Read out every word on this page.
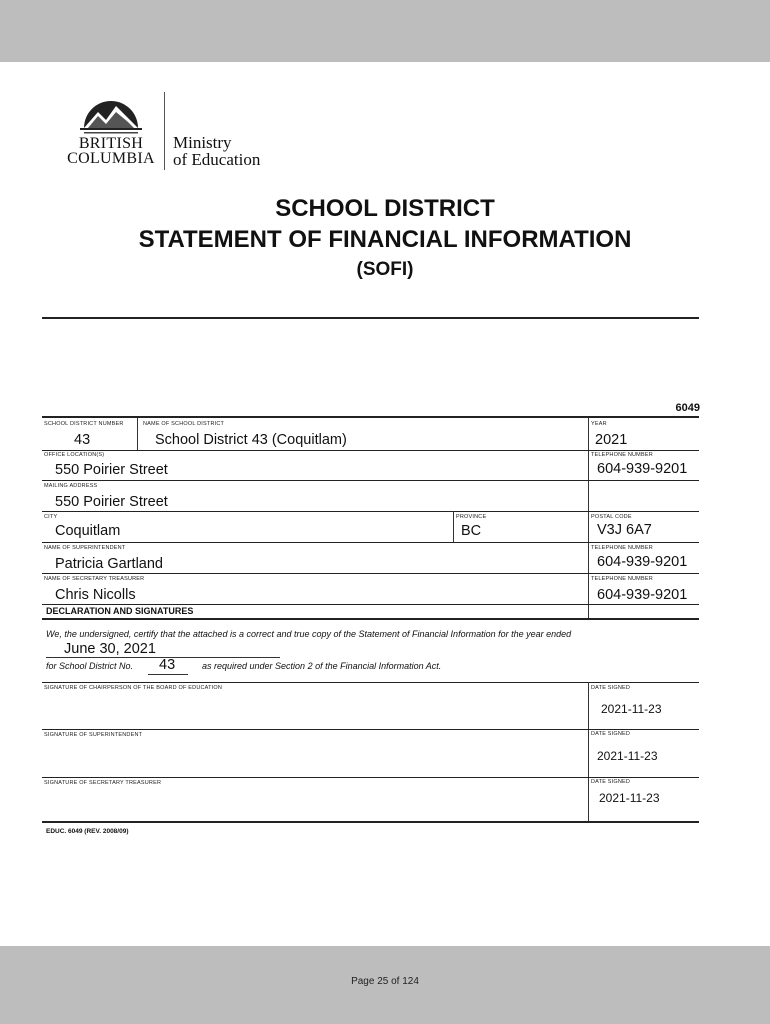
BRITISH
COLUMBIA
Ministry
of Education
SCHOOL DISTRICT
STATEMENT OF FINANCIAL INFORMATION
(SOFI)
6049
SCHOOL DISTRICT NUMBER	NAME OF SCHOOL DISTRICT	YEAR
43	School District 43 (Coquitlam)	2021
OFFICE LOCATION(S)	TELEPHONE NUMBER
550 Poirier Street	604-939-9201
MAILING ADDRESS
550 Poirier Street
CITY	PROVINCE	POSTAL CODE
Coquitlam	BC	V3J 6A7
NAME OF SUPERINTENDENT	TELEPHONE NUMBER
Patricia Gartland	604-939-9201
NAME OF SECRETARY TREASURER	TELEPHONE NUMBER
Chris Nicolls	604-939-9201
DECLARATION AND SIGNATURES
We, the undersigned, certify that the attached is a correct and true copy of the Statement of Financial Information for the year ended
June 30, 2021
for School District No. 43	as required under Section 2 of the Financial Information Act.
SIGNATURE OF CHAIRPERSON OF THE BOARD OF EDUCATION	DATE SIGNED
2021-11-23
SIGNATURE OF SUPERINTENDENT	DATE SIGNED
2021-11-23
SIGNATURE OF SECRETARY TREASURER	DATE SIGNED
2021-11-23
EDUC. 6049 (REV. 2008/09)
Page 25 of 124
